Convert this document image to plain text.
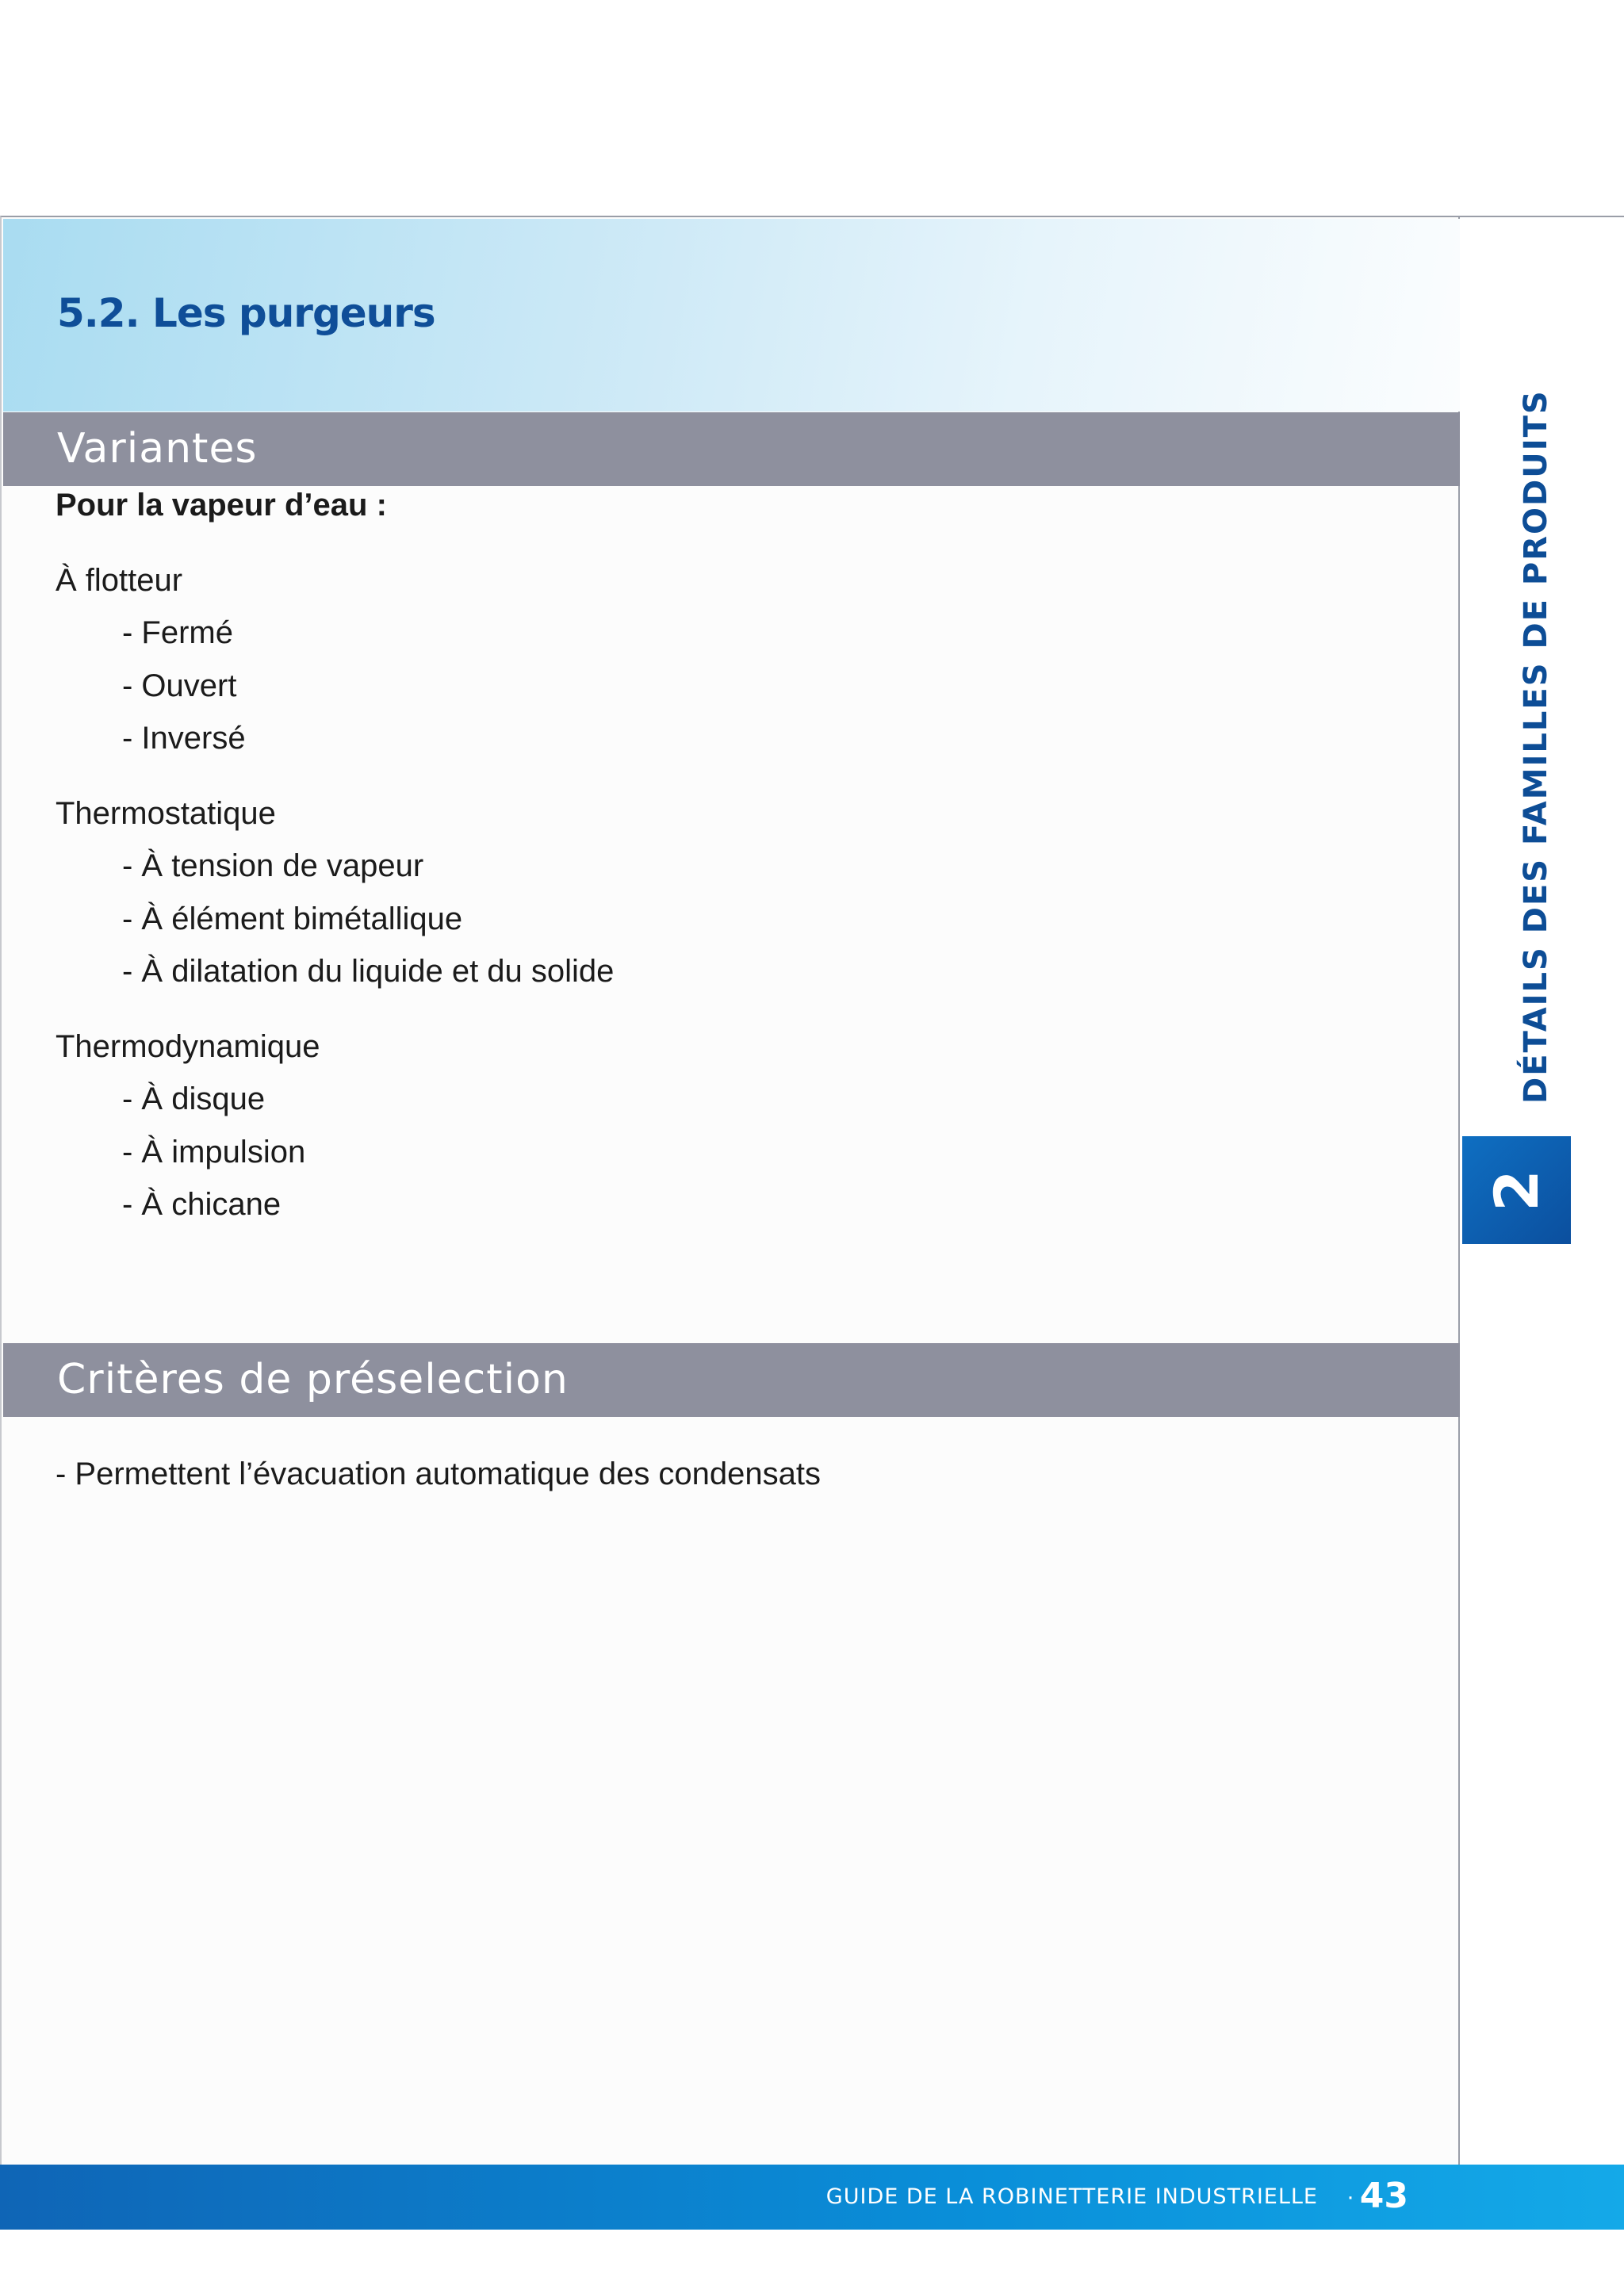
5.2. Les purgeurs
Variantes
Pour la vapeur d’eau :
À flotteur
- Fermé
- Ouvert
- Inversé
Thermostatique
- À tension de vapeur
- À élément bimétallique
- À dilatation du liquide et du solide
Thermodynamique
- À disque
- À impulsion
- À chicane
Critères de préselection
- Permettent l’évacuation automatique des condensats
DÉTAILS DES FAMILLES DE PRODUITS
2
GUIDE DE LA ROBINETTERIE INDUSTRIELLE · 43
